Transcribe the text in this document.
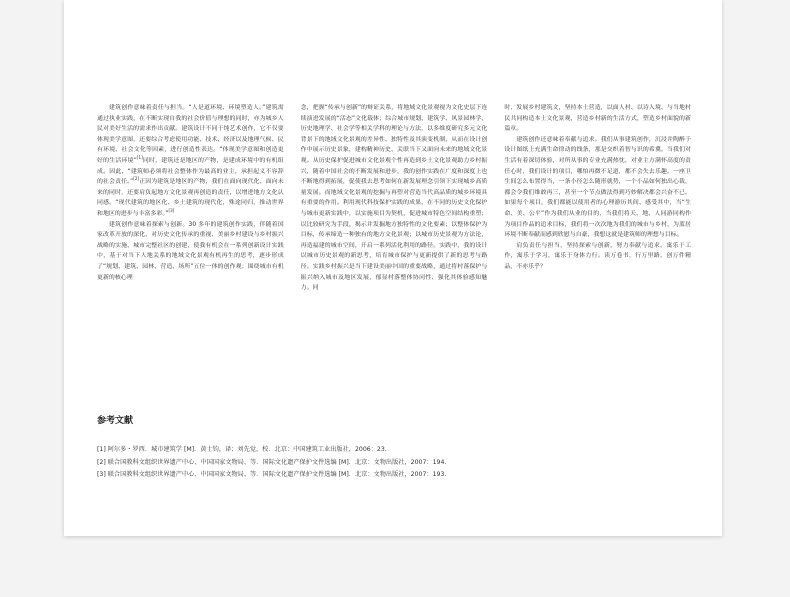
建筑创作意味着责任与担当。“人是道环境、环境塑造人。”建筑需通过执业实践，在不断实现自我的社会价值与理想的同时，亦为城乡人民对美好生活的需求作出贡献。建筑设计不同于纯艺术创作，它不仅要体现美学意图，还要综合考虑使用功能、技术、经济以及地理气候、民有环境、社会文化等因素，进行创造性表达。“体现美学意图和创造更好的生活环境”[1]同时，建筑还是地区的产物，是建成环境中的有机组成。因此，“建筑师必须将社会整体作为最高的业主，承担起义不容辞的社会责任。”[2]正因为建筑是地区的产物，我们在面向现代化、面向未来的同时，还要肩负起地方文化景观再创造的责任，以增进地方文化认同感。“现代建筑的地区化、乡土建筑的现代化，殊途同归，推动世界和地区的进步与丰富多彩。”[3]

建筑创作意味着探索与创新。30 多年的建筑创作实践，伴随着国家改革开放的深化、对历史文化传承的重视、美丽乡村建设与乡村振兴战略的实施、城市完整社区的创建，使我有机会在一系列创新设计实践中，基于对当下人地关系的地域文化景观有机再生的思考，逐步形成了“规划、建筑、园林、营造、场所”五位一体的创作观；围绕城市有机更新的核心理

念，把握“传承与创新”的辩证关系，将地域文化景观视为文化史层下连续演进发展的“活态”文化载体；综合城市规划、建筑学、风景园林学、历史地理学、社会学等相关学科的理论与方法，以多维度研究多元文化背景下的地域文化景观的差异性、独特性及其演变机制，从而在设计创作中展示历史景象，建构精神历史、关联当下又面向未来的地域文化景观。从历史保护促进城市文化景观个性再造到乡土文化景观助力乡村振兴，随着中国社会的不断发展和进步，我的创作实践在广度和深度上也不断地得到拓展，促使我去思考如何在新发展理念引领下实现城乡高质量发展。而地域文化景观的挖掘与再塑对营造当代高品质的城乡环境具有重要的作用。利用现代科技保护实践的成果，在不同的历史文化保护与城市更新实践中，以实施项目为契机，促进城市特色空间结构重塑；以比较研究为手段，揭示并发掘地方独特性的文化要素；以整体保护为目标，传承缔造一种独有的地方文化景观；以城市历史景观为方法论，再造福建的城市空间，开启一系列活化利用的路径。实践中，我的设计以城市历史景观的新思考，培育城市保护与更新提供了新的思考与路径。实践乡村振兴是当下建设美丽中国的重要战略，通过将村落保护与振兴纳入城市及地区发展，郁显村落整体协同性、强化其体验感知魅力。同

时，发展乡村建筑文，坚持本土营造，以面人村、以诗入境、与当地村民共同构造本土文化景观，营造乡村新的生活方式，塑造乡村面貌的新篇章。

建筑创作还意味着奉献与追求。我们从事建筑创作，沉浸并陶醉于设计图纸上充满生命律动的线条，那是交织着智与识的希冀。当我们对生活有着深切体验，对所从事的专业充满热忱，对业主方满怀高度的责任心时，我们设计的项目，哪怕再微不足道，都不会失去乐趣。一座卫生间怎么布置得当，一条小径怎么随形就势，一个小品如何独出心裁，都会令我们维敢再三，甚至一个节点做法得到巧妙解决都会兴奋不已。如果每个项目，我们都能以使用者的心理游历其间、感受其中，当“生命、美、公平”作为我们从业的目的，当我们将天、地、人同游同构作为项目作品的追求目标，我们将一次次地为我们的城市与乡村、为蓝居环境不断奉献而感到欣慰与自豪，我想这就是建筑师的理想与目标。

肩负责任与担当，坚持探索与创新，努力奉献与追求。寓乐于工作，寓乐于学习，寓乐于身体力行。读万卷书，行万里路，创万件精品，不亦乐乎？

参考文献
[1] 阿尔多・罗西．城市建筑学 [M]．黄士钧，译；刘先觉，校．北京：中国建筑工业出版社，2006：23.
[2] 联合国教科文组织世界遗产中心、中国国家文物局、等．国际文化遗产保护文件选编 [M]．北京：文物出版社，2007：194.
[3] 联合国教科文组织世界遗产中心、中国国家文物局、等．国际文化遗产保护文件选编 [M]．北京：文物出版社，2007：193.
